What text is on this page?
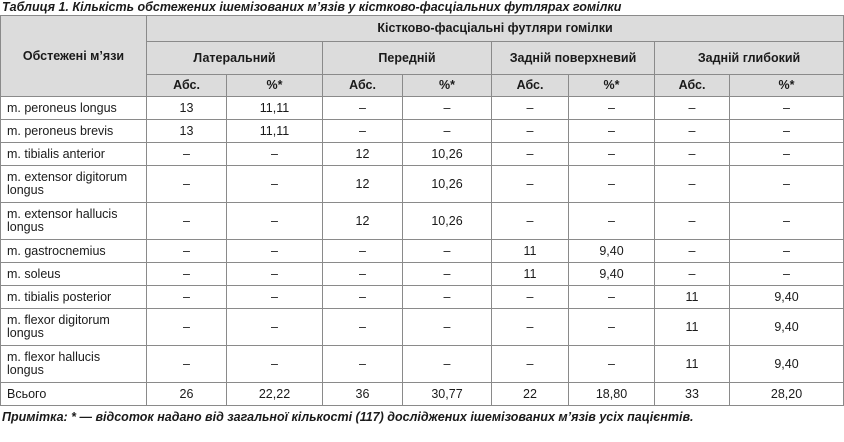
Таблиця 1. Кількість обстежених ішемізованих м’язів у кістково-фасціальних футлярах гомілки
Обстежені м’язи	Кістково-фасціальні футляри гомілки							
	Латеральний		Передній		Задній поверхневий		Задній глибокий	
	Абс.	%*	Абс.	%*	Абс.	%*	Абс.	%*
m. peroneus longus	13	11,11	–	–	–	–	–	–
m. peroneus brevis	13	11,11	–	–	–	–	–	–
m. tibialis anterior	–	–	12	10,26	–	–	–	–
m. extensor digitorum longus	–	–	12	10,26	–	–	–	–
m. extensor hallucis longus	–	–	12	10,26	–	–	–	–
m. gastrocnemius	–	–	–	–	11	9,40	–	–
m. soleus	–	–	–	–	11	9,40	–	–
m. tibialis posterior	–	–	–	–	–	–	11	9,40
m. flexor digitorum longus	–	–	–	–	–	–	11	9,40
m. flexor hallucis longus	–	–	–	–	–	–	11	9,40
Всього	26	22,22	36	30,77	22	18,80	33	28,20
Примітка: * — відсоток надано від загальної кількості (117) досліджених ішемізованих м’язів усіх пацієнтів.
